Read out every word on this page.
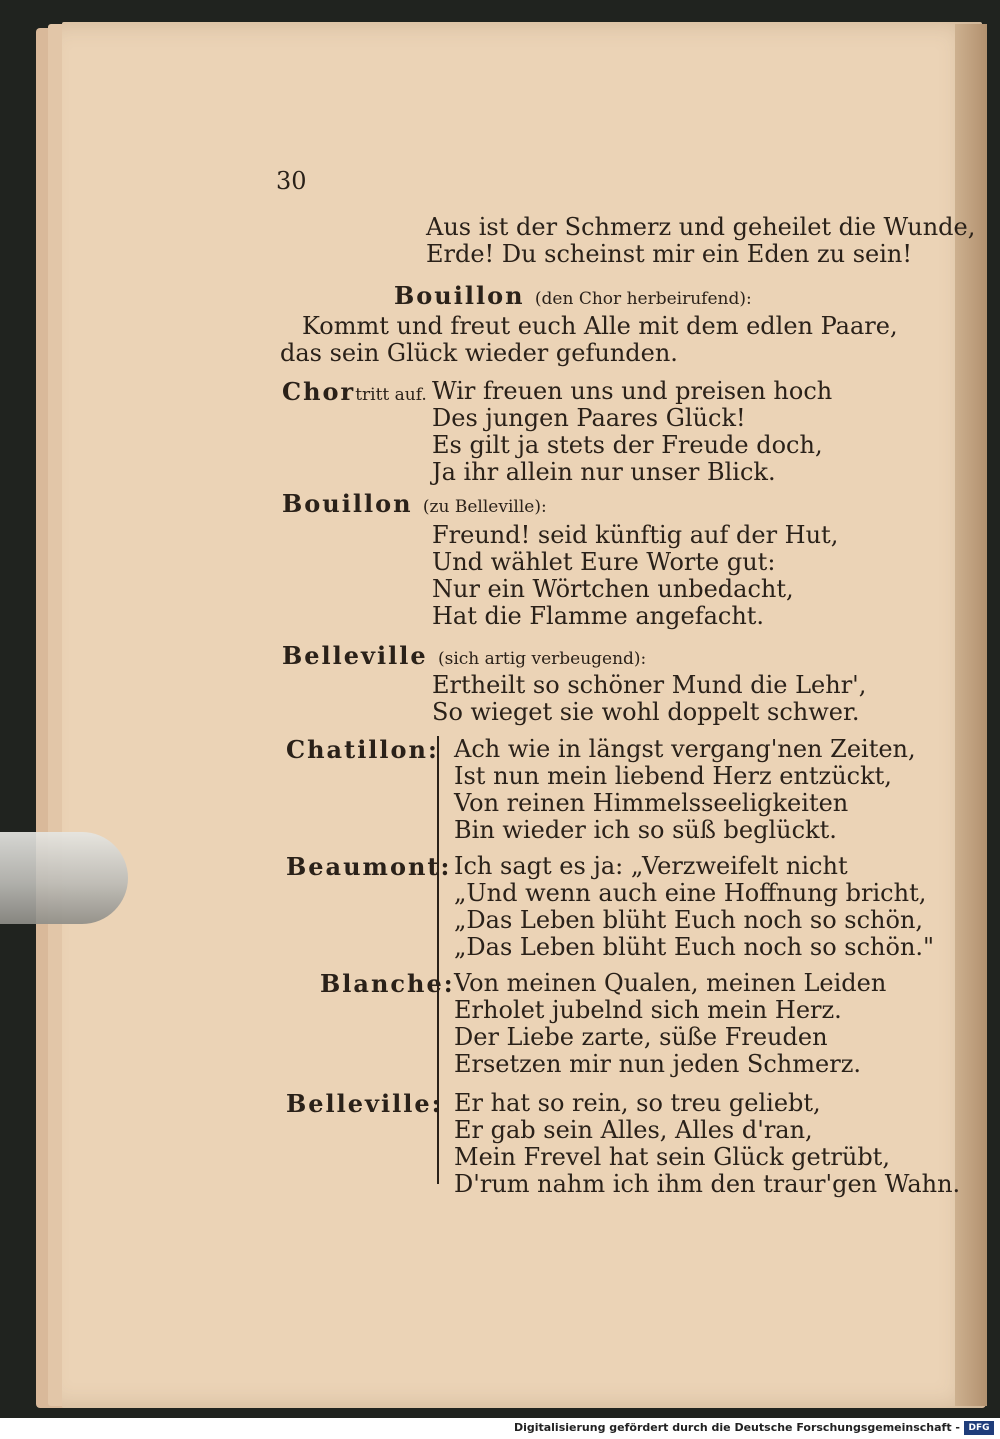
30
Aus ist der Schmerz und geheilet die Wunde,
Erde! Du scheinst mir ein Eden zu sein!
Bouillon (den Chor herbeirufend):
Kommt und freut euch Alle mit dem edlen Paare,
das sein Glück wieder gefunden.
Chortritt auf. Wir freuen uns und preisen hoch
Des jungen Paares Glück!
Es gilt ja stets der Freude doch,
Ja ihr allein nur unser Blick.
Bouillon (zu Belleville):
Freund! seid künftig auf der Hut,
Und wählet Eure Worte gut:
Nur ein Wörtchen unbedacht,
Hat die Flamme angefacht.
Belleville (sich artig verbeugend):
Ertheilt so schöner Mund die Lehr',
So wieget sie wohl doppelt schwer.
Chatillon: Ach wie in längst vergang'nen Zeiten,
Ist nun mein liebend Herz entzückt,
Von reinen Himmelsseeligkeiten
Bin wieder ich so süß beglückt.
Beaumont: Ich sagt es ja: „Verzweifelt nicht
„Und wenn auch eine Hoffnung bricht,
„Das Leben blüht Euch noch so schön,
„Das Leben blüht Euch noch so schön."
Blanche: Von meinen Qualen, meinen Leiden
Erholet jubelnd sich mein Herz.
Der Liebe zarte, süße Freuden
Ersetzen mir nun jeden Schmerz.
Belleville: Er hat so rein, so treu geliebt,
Er gab sein Alles, Alles d'ran,
Mein Frevel hat sein Glück getrübt,
D'rum nahm ich ihm den traur'gen Wahn.
Digitalisierung gefördert durch die Deutsche Forschungsgemeinschaft - DFG
